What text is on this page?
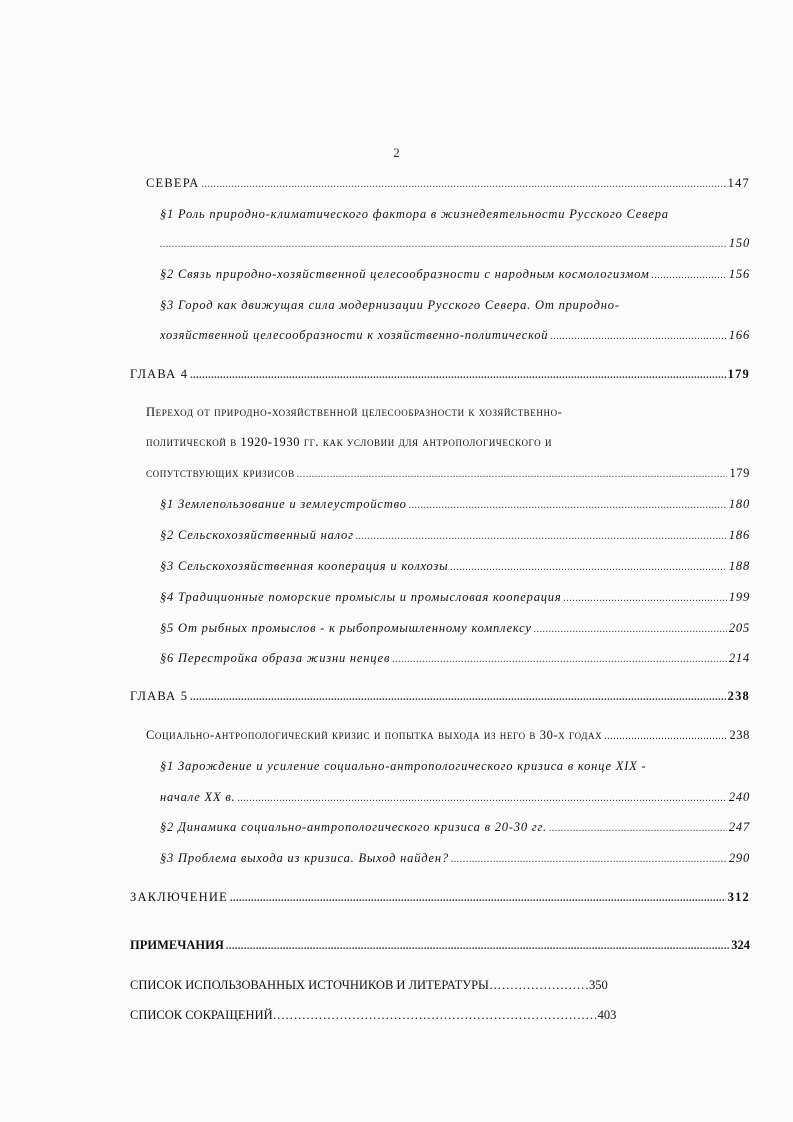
2
СЕВЕРА .....	147
§1 Роль природно-климатического фактора в жизнедеятельности Русского Севера
.....
150
§2 Связь природно-хозяйственной целесообразности с народным космологизмом .....	156
§3 Город как движущая сила модернизации Русского Севера. От природно-
хозяйственной целесообразности к хозяйственно-политической .....	166
ГЛАВА 4 .....	179
Переход от природно-хозяйственной целесообразности к хозяйственно-
политической в 1920-1930 гг. как условии для антропологического и
сопутствующих кризисов .....	179
§1 Землепользование и землеустройство .....	180
§2 Сельскохозяйственный налог .....	186
§3 Сельскохозяйственная кооперация и колхозы .....	188
§4 Традиционные поморские промыслы и промысловая кооперация .....	199
§5 От рыбных промыслов - к рыбопромышленному комплексу .....	205
§6 Перестройка образа жизни ненцев .....	214
ГЛАВА 5 .....	238
Социально-антропологический кризис и попытка выхода из него в 30-х годах .....	238
§1 Зарождение и усиление социально-антропологического кризиса в конце XIX -
начале XX в. .....	240
§2 Динамика социально-антропологического кризиса в 20-30 гг. .....	247
§3 Проблема выхода из кризиса. Выход найден? .....	290
ЗАКЛЮЧЕНИЕ .....	312
ПРИМЕЧАНИЯ .....	324
СПИСОК ИСПОЛЬЗОВАННЫХ ИСТОЧНИКОВ И ЛИТЕРАТУРЫ……………………350
СПИСОК СОКРАЩЕНИЙ……………………………………………………………………403
